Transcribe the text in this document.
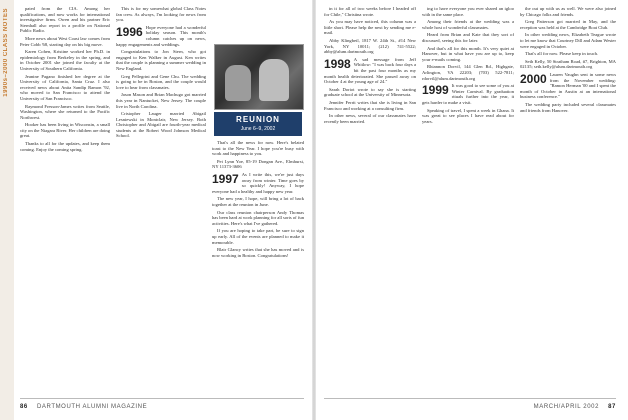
1990s–2000 CLASS NOTES	pated from the CIA. Among her qualifications, and now works for international investigative firms. Owen and his partner Eric Sternhall also report in a profile on National Public Radio.

More news about West Coast law comes from Peter Cobb '68, starting day on his big move.

Karen Cohen, Kristine worked her Ph.D. in epidemiology from Berkeley in the spring, and in October 2001 she joined the faculty at the University of Southern California.

Jeanine Pagano finished her degree at the University of California, Santa Cruz. I also received news about Anita Sandip Ramon '92, who moved to San Francisco to attend the University of San Francisco.

Raymond Fresson-James writes from Seattle, Washington, where she returned to the Pacific Northwest.

Hooker has been living in Wisconsin, a small city on the Niagara River. Her children are doing great.

Thanks to all for the updates, and keep them coming. Enjoy the coming spring.

This is for my somewhat global Class Notes fan crew. As always, I'm looking for news from you.

1996 Hope everyone had a wonderful holiday season. This month's column catches up on news, happy engagements and weddings.

Congratulations to Jon Stern, who got engaged to Ken Walker in August. Ken writes that the couple is planning a summer wedding in New England.

Greg Pellegrini and Gene Chu. The wedding is going to be in Boston, and the couple would love to hear from classmates.

Jason Mason and Brian Machugo got married this year in Nantucket, New Jersey. The couple live in North Carolina.

Cristopher Lauger married Abigail Lesniewski in Montclair, New Jersey. Both Christopher and Abigail are fourth-year medical students at the Robert Wood Johnson Medical School.

That's all the news for now. Here's belated toast to the New Year. I hope you're busy with work and happiness to you.

Pei Lynn Yoe, 85-19 Dongan Ave., Elmhurst, NY 11373-3606

1997 As I write this, we're just days away from winter. Time goes by so quickly! Anyway, I hope everyone had a healthy and happy new year.

The new year, I hope, will bring a lot of back together at the reunion in June.

Our class reunion chairperson Andy Thomas has been hard at work planning for all sorts of fun activities. Here's what I've gathered.

If you are hoping to take part, be sure to sign up early. All of the events are planned to make it memorable.

Blair Glancy writes that she has moved and is now working in Boston. Congratulations!

in it for all of two weeks before I headed off for Chile," Christina wrote.

As you may have noticed, this column was a little short. Please help the next by sending me e-mail.

Abby Klingbeil, 1817 W. 24th St., #14 New York, NY 10011; (212) 741-5522; abby@alum.dartmouth.org

1998 A sad message from Jeff Whitlow: "I was back four days a bit the past four months as my month health deteriorated. She passed away on October 4 at the young age of 24."

Sarah Doriot wrote to say she is starting graduate school at the University of Minnesota.

Jennifer Ferrit writes that she is living in San Francisco and working at a consulting firm.

In other news, several of our classmates have recently been married.

ing to have everyone you ever shared an igloo with in the same place.

Among their friends at the wedding was a whole host of wonderful classmates.

Heard from Brian and Kate that they sort of discussed, seeing this for later.

And that's all for this month. It's very quiet at Hanover, but in what have you are up to, keep your e-mails coming.

Rhiannon Dorvil, 144 Glen Rd., Highgate, Arlington, VA 22203; (703) 522-7811; rdorvil@alum.dartmouth.org

1999 It was good to see some of you at Winter Carnival. By graduation rituals further into the year, it gets harder to make a visit.

Speaking of travel, I spent a week in Ghana. It was great to see places I have read about for years.

the out up with us as well. We were also joined by Chicago folks and friends.

Greg Patterson got married in May, and the reception was held at the Cambridge Boat Club.

In other wedding news, Elizabeth Teague wrote to let me know that Courtney Dill and Adam Wester were engaged in October.

That's all for now. Please keep in touch.

Seth Kelly, 50 Stratham Road, #7, Brighton, MA 02135; seth.kelly@alum.dartmouth.org

2000 Lauren Vaughn sent in some news from the November wedding: "Ramon Herman '00 and I spent the month of October in Austin at an international business conference."

The wedding party included several classmates and friends from Hanover.

REUNION
June 6–9, 2002
86 DARTMOUTH ALUMNI MAGAZINE	MARCH/APRIL 2002 87
